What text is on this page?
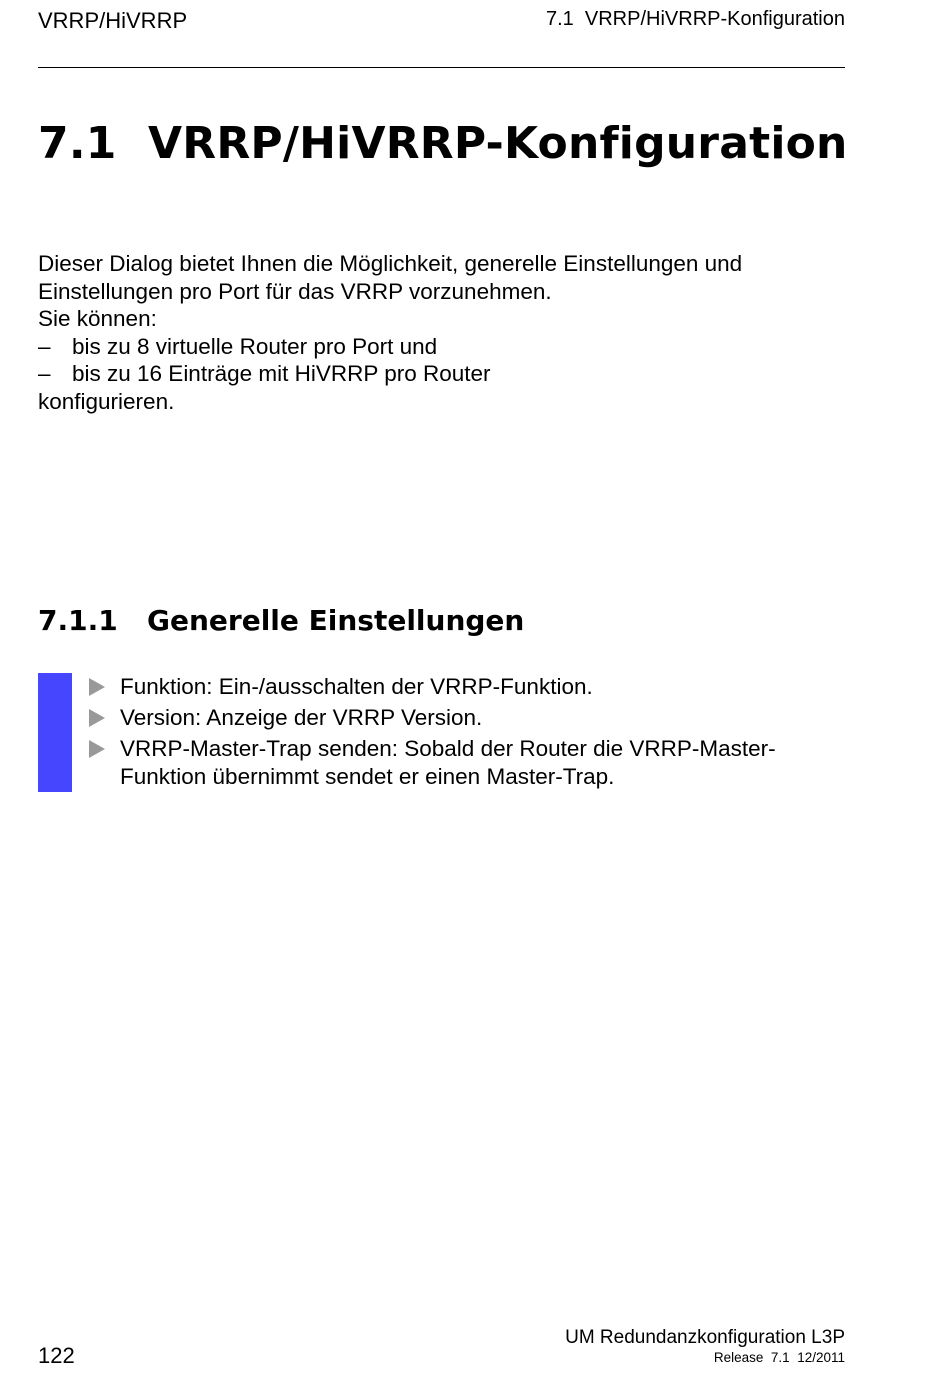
VRRP/HiVRRP	7.1  VRRP/HiVRRP-Konfiguration
7.1 VRRP/HiVRRP-Konfiguration

Dieser Dialog bietet Ihnen die Möglichkeit, generelle Einstellungen und Einstellungen pro Port für das VRRP vorzunehmen.

Sie können:

– bis zu 8 virtuelle Router pro Port und
– bis zu 16 Einträge mit HiVRRP pro Router

konfigurieren.

7.1.1 Generelle Einstellungen
Funktion: Ein-/ausschalten der VRRP-Funktion.
Version: Anzeige der VRRP Version.
VRRP-Master-Trap senden: Sobald der Router die VRRP-Master-Funktion übernimmt sendet er einen Master-Trap.
122
UM Redundanzkonfiguration L3P
Release  7.1  12/2011
